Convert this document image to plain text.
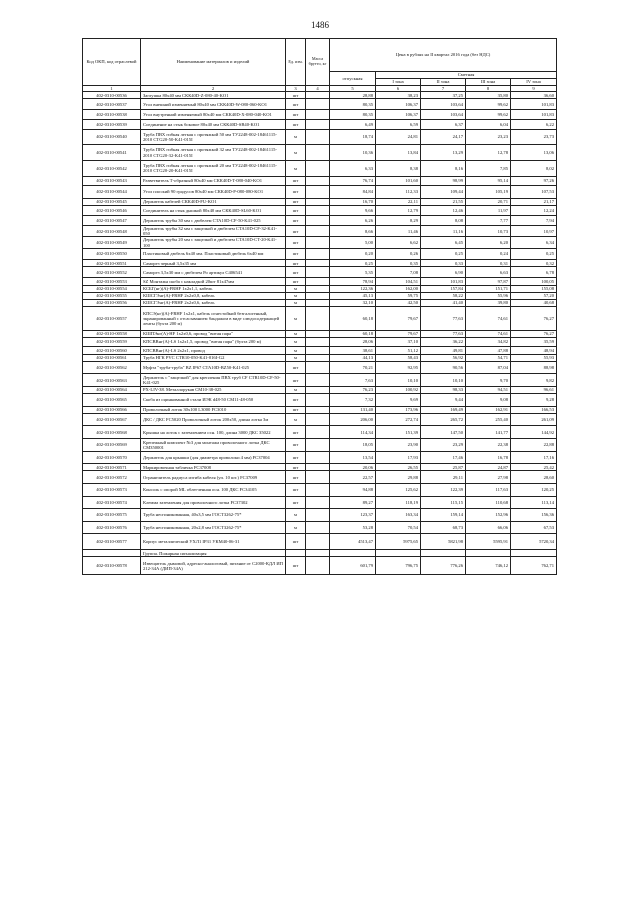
1486
Код ОКП, код отраслевой	Наименование материалов и изделий	Ед. изм.	Масса брутто, кг	Цена в рублях на II квартал 2016 года (без НДС)				
				отпускная	Сметная			
					I зона	II зона	III зона	IV зона
1	2	3	4	5	6	7	8	9
402-0310-00536	Заглушка 80х40 мм СКК40D-Z-080-40-KO1	шт		28,88	38,23	37,25	35,80	36,60
402-0310-00537	Угол внешний изменяемый 80х40 мм СКК40D-W-080-060-KO1	шт		80,35	106,37	103,64	99,62	101,83
402-0310-00538	Угол внутренний изменяемый 80х40 мм СКК40D-X-080-040-KO1	шт		80,35	106,37	103,64	99,62	101,83
402-0310-00539	Соединение на стык боковое 80х40 мм СКК40D-SB40-KO1	шт		6,49	6,59	6,37	6,04	6,22
402-0310-00540	Труба ПВХ гибкая легкая с протяжкой 50 мм ТУ2248-002-18461115-2010 CTG20-50-K41-015I	м		18,74	24,81	24,17	23,23	23,73
402-0310-00541	Труба ПВХ гибкая легкая с протяжкой 32 мм ТУ2248-002-18461115-2010 CTG20-32-K41-015I	м		10,36	13,84	13,29	12,78	13,06
402-0310-00542	Труба ПВХ гибкая легкая с протяжкой 20 мм ТУ2248-002-18461115-2010 CTG20-20-K41-015I	м		6,33	8,38	8,16	7,85	8,02
402-0310-00543	Разветвитель Т-образный 80х40 мм СКК40D-T-080-040-KO1	шт		76,74	101,60	98,99	95,14	97,26
402-0310-00544	Угол плоский 90 градусов 80х40 мм СКК40D-P-080-080-KO1	шт		84,84	112,33	109,44	105,19	107,53
402-0310-00545	Держатель кабелей СКК40D-FU-KO1	шт		16,70	22,11	21,55	20,71	21,17
402-0310-00546	Соединитель на стык дышкой 80х40 мм СКК40D-SL60-KO1	шт		9,66	12,79	12,46	11,97	12,24
402-0310-00547	Держатель трубы 30 мм с дюбелем CTA10D-CF-50-K41-025	шт		6,26	8,29	8,08	7,77	7,94
402-0310-00548	Держатель трубы 32 мм с защелкой и дюбелем CTA10D-CF-32-K41-050	шт		8,66	11,46	11,16	10,73	10,97
402-0310-00549	Держатель трубы 20 мм с защелкой и дюбелем CTA10D-CT-20-K41-100	шт		5,00	6,62	6,45	6,20	6,34
402-0310-00550	Пластиковый дюбель 6х40 мм. Пластиковый дюбель 6х40 мм	шт		0,20	0,26	0,25	0,24	0,25
402-0310-00551	Саморез черный 3,5х35 мм	шт		0,25	0,35	0,33	0,31	0,32
402-0310-00552	Саморез 3,5х30 мм с дюбелем Ро артикул С406541	шт		5,35	7,08	6,90	6,63	6,78
402-0310-00553	SZ Монтажн скоба с накладкой 20шт 81х47мм	шт		78,94	104,51	101,83	97,87	100,05
402-0310-00554	КСБГ(нг)(А)-FRHF 1х2х1,1, кабель	м		122,36	162,00	157,84	151,71	155,08
402-0310-00555	КШСГЭнг(А)-FRHF 2х2х0,8, кабель	м		45,13	59,75	58,22	55,96	57,20
402-0310-00556	КШСГЭнг(А)-FRHF 2х2х0,6, кабель	м		32,10	42,50	41,40	39,80	40,68
402-0310-00557	КПСЭ(нг)(А)-FRHF 1х2х1, кабель огнестойкий безгалогенный, экранированный с отсасыванием бандажом в виде слюдосодержащей ленты (бухта 200 м)	м		60,18	79,67	77,63	74,61	76,27
402-0310-00558	КШПЭнг(А)-HF 1х2х0,6, провод "витая пара"	м		60,18	79,67	77,63	74,61	76,27
402-0310-00559	КПСВВнг(А)-LS 1х2х1,5, провод "витая пара" (бухта 200 м)	м		28,06	37,10	36,22	34,82	35,59
402-0310-00560	КПСВВнг(А)-LS 2х2х1, провод	м		38,61	51,12	49,81	47,88	48,94
402-0310-00561	Труба НГК РVC CTR10-050-K41-016I-G2	м		44,13	58,43	56,92	54,71	55,93
402-0310-00562	Муфта "труба-труба" BZ IP67 CTA10D-BZ50-K41-025	шт		70,21	92,95	90,56	87,04	88,98
402-0310-00563	Держатель с "защелкой" для крепления ПВХ труб CF CTR10D-CF-50-K41-025	шт		7,63	10,10	10,10	9,70	9,82
402-0310-00564	PX-LIV-38. Металлорукав CM10-38-025	м		76,23	100,92	98,33	94,51	96,61
402-0310-00565	Скоба из оцинкованной стали ИЭК d48-50 CM11-48-050	шт		7,32	9,69	9,44	9,08	9,28
402-0310-00566	Проволочный лоток 30х100 L3000 FC3010	шт		131,40	173,96	169,49	162,91	166,53
402-0310-00567	ДКС / ДКС FC5020 Проволочный лоток 200х50, длина лотка 3м	м		206,00	272,74	265,72	255,40	261,09
402-0310-00568	Крышка на лоток с заземлением осн. 100, длина 3000 ДКС 35022	шт		114,34	151,39	147,50	141,77	144,92
402-0310-00569	Крепежный комплект №3 для монтажа проволочного лотка ДКС CM350001	шт		18,05	23,90	23,29	22,38	22,88
402-0310-00570	Держатель для крышки (для диаметра проволоки 4 мм) FC37004	шт		13,54	17,93	17,46	16,78	17,16
402-0310-00571	Маркировочная табличка FC37008	шт		20,06	26,55	25,87	24,87	25,42
402-0310-00572	Ограничитель радиуса изгиба кабеля (уп. 10 шт.) FC37009	шт		22,57	29,88	29,11	27,98	28,60
402-0310-00573	Консоль с опорой ML облегченная осн. 100 ДКС FC34105	шт		94,88	125,62	122,39	117,63	120,25
402-0310-00574	Клемма заземления для проволочного лотка FC37302	шт		89,27	118,19	115,15	110,68	113,14
402-0310-00575	Труба несгиникованная, 40х3,5 мм ГОСТ3262-75*	м		123,37	163,34	159,14	152,96	156,36
402-0310-00576	Труба несгиникованная, 20х2,8 мм ГОСТ3262-75*	м		53,28	70,54	68,73	66,06	67,53
402-0310-00577	Корпус металлический УХЛ1 IP31 УКМ40-06-31	шт		4513,47	5975,65	5821,98	5595,91	5720,34
	Группа. Пожарная сигнализация							
402-0310-00578	Извещатель дымовой, адресно-аналоговый, питание от С2000-КДЛ ИП 212-34А (ДИП-34А)	шт		601,79	796,75	776,26	746,12	762,71
